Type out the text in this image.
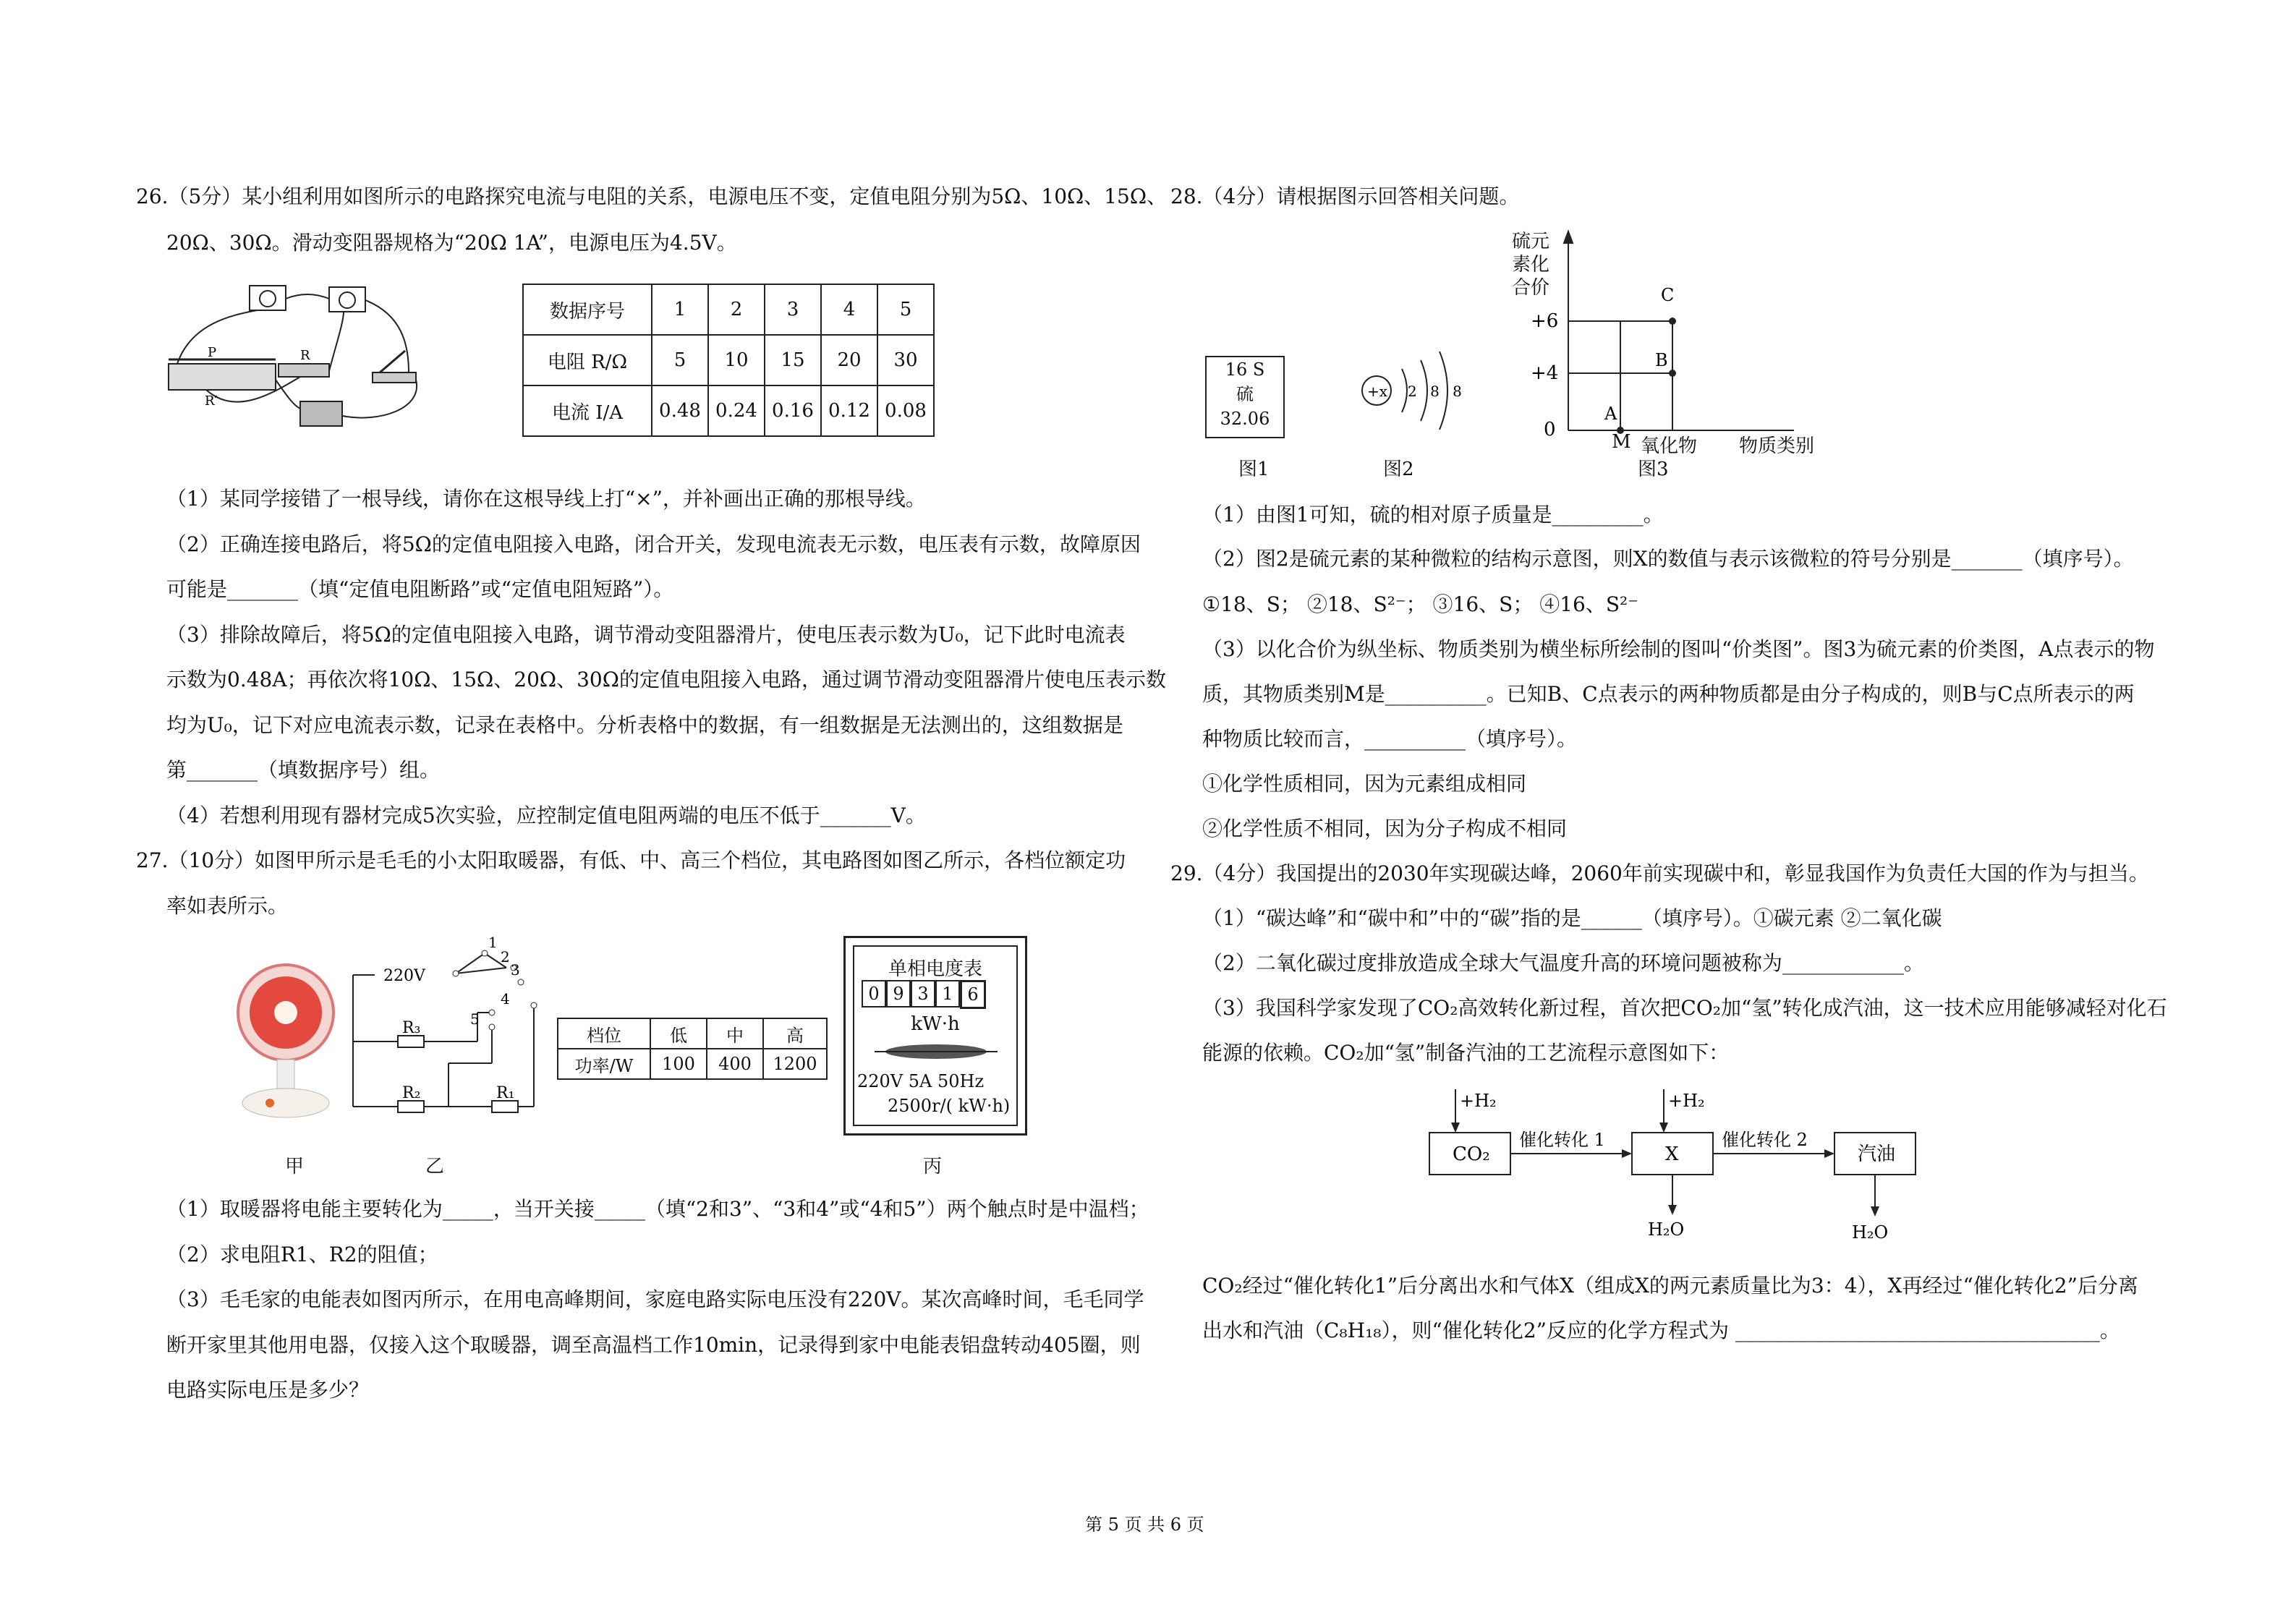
26.（5分）某小组利用如图所示的电路探究电流与电阻的关系，电源电压不变，定值电阻分别为5Ω、10Ω、15Ω、
20Ω、30Ω。滑动变阻器规格为“20Ω 1A”，电源电压为4.5V。
P	R
R′
数据序号	1	2	3	4	5
电阻 R/Ω	5	10	15	20	30
电流 I/A	0.48	0.24	0.16	0.12	0.08
（1）某同学接错了一根导线，请你在这根导线上打“×”，并补画出正确的那根导线。
（2）正确连接电路后，将5Ω的定值电阻接入电路，闭合开关，发现电流表无示数，电压表有示数，故障原因
可能是_______（填“定值电阻断路”或“定值电阻短路”）。
（3）排除故障后，将5Ω的定值电阻接入电路，调节滑动变阻器滑片，使电压表示数为U₀，记下此时电流表
示数为0.48A；再依次将10Ω、15Ω、20Ω、30Ω的定值电阻接入电路，通过调节滑动变阻器滑片使电压表示数
均为U₀，记下对应电流表示数，记录在表格中。分析表格中的数据，有一组数据是无法测出的，这组数据是
第_______（填数据序号）组。
（4）若想利用现有器材完成5次实验，应控制定值电阻两端的电压不低于_______V。
27.（10分）如图甲所示是毛毛的小太阳取暖器，有低、中、高三个档位，其电路图如图乙所示，各档位额定功
率如表所示。
220V
R₃
R₂	R₁
1
2
3
4
5
档位	低	中	高
功率/W	100	400	1200
单相电度表
0 9 3 1 6
kW·h
220V 5A 50Hz
2500r/( kW·h)
甲	乙	丙
（1）取暖器将电能主要转化为_____，当开关接_____（填“2和3”、“3和4”或“4和5”）两个触点时是中温档；
（2）求电阻R1、R2的阻值；
（3）毛毛家的电能表如图丙所示，在用电高峰期间，家庭电路实际电压没有220V。某次高峰时间，毛毛同学
断开家里其他用电器，仅接入这个取暖器，调至高温档工作10min，记录得到家中电能表铝盘转动405圈，则
电路实际电压是多少？
28.（4分）请根据图示回答相关问题。
16 S
硫
32.06
图1
+x 2 8 8
图2
硫元
素化
合价
+6
+4
0
A
B
C
M 氧化物 物质类别
图3
（1）由图1可知，硫的相对原子质量是_________。
（2）图2是硫元素的某种微粒的结构示意图，则X的数值与表示该微粒的符号分别是_______（填序号）。
①18、S； ②18、S²⁻； ③16、S； ④16、S²⁻
（3）以化合价为纵坐标、物质类别为横坐标所绘制的图叫“价类图”。图3为硫元素的价类图，A点表示的物
质，其物质类别M是__________。已知B、C点表示的两种物质都是由分子构成的，则B与C点所表示的两
种物质比较而言，__________（填序号）。
①化学性质相同，因为元素组成相同
②化学性质不相同，因为分子构成不相同
29.（4分）我国提出的2030年实现碳达峰，2060年前实现碳中和，彰显我国作为负责任大国的作为与担当。
（1）“碳达峰”和“碳中和”中的“碳”指的是______（填序号）。①碳元素 ②二氧化碳
（2）二氧化碳过度排放造成全球大气温度升高的环境问题被称为____________。
（3）我国科学家发现了CO₂高效转化新过程，首次把CO₂加“氢”转化成汽油，这一技术应用能够减轻对化石
能源的依赖。CO₂加“氢”制备汽油的工艺流程示意图如下：
CO₂	X	汽油
+H₂	+H₂
催化转化 1	催化转化 2
H₂O	H₂O
CO₂经过“催化转化1”后分离出水和气体X（组成X的两元素质量比为3：4），X再经过“催化转化2”后分离
出水和汽油（C₈H₁₈），则“催化转化2”反应的化学方程式为 ____________________________________。
第 5 页 共 6 页
